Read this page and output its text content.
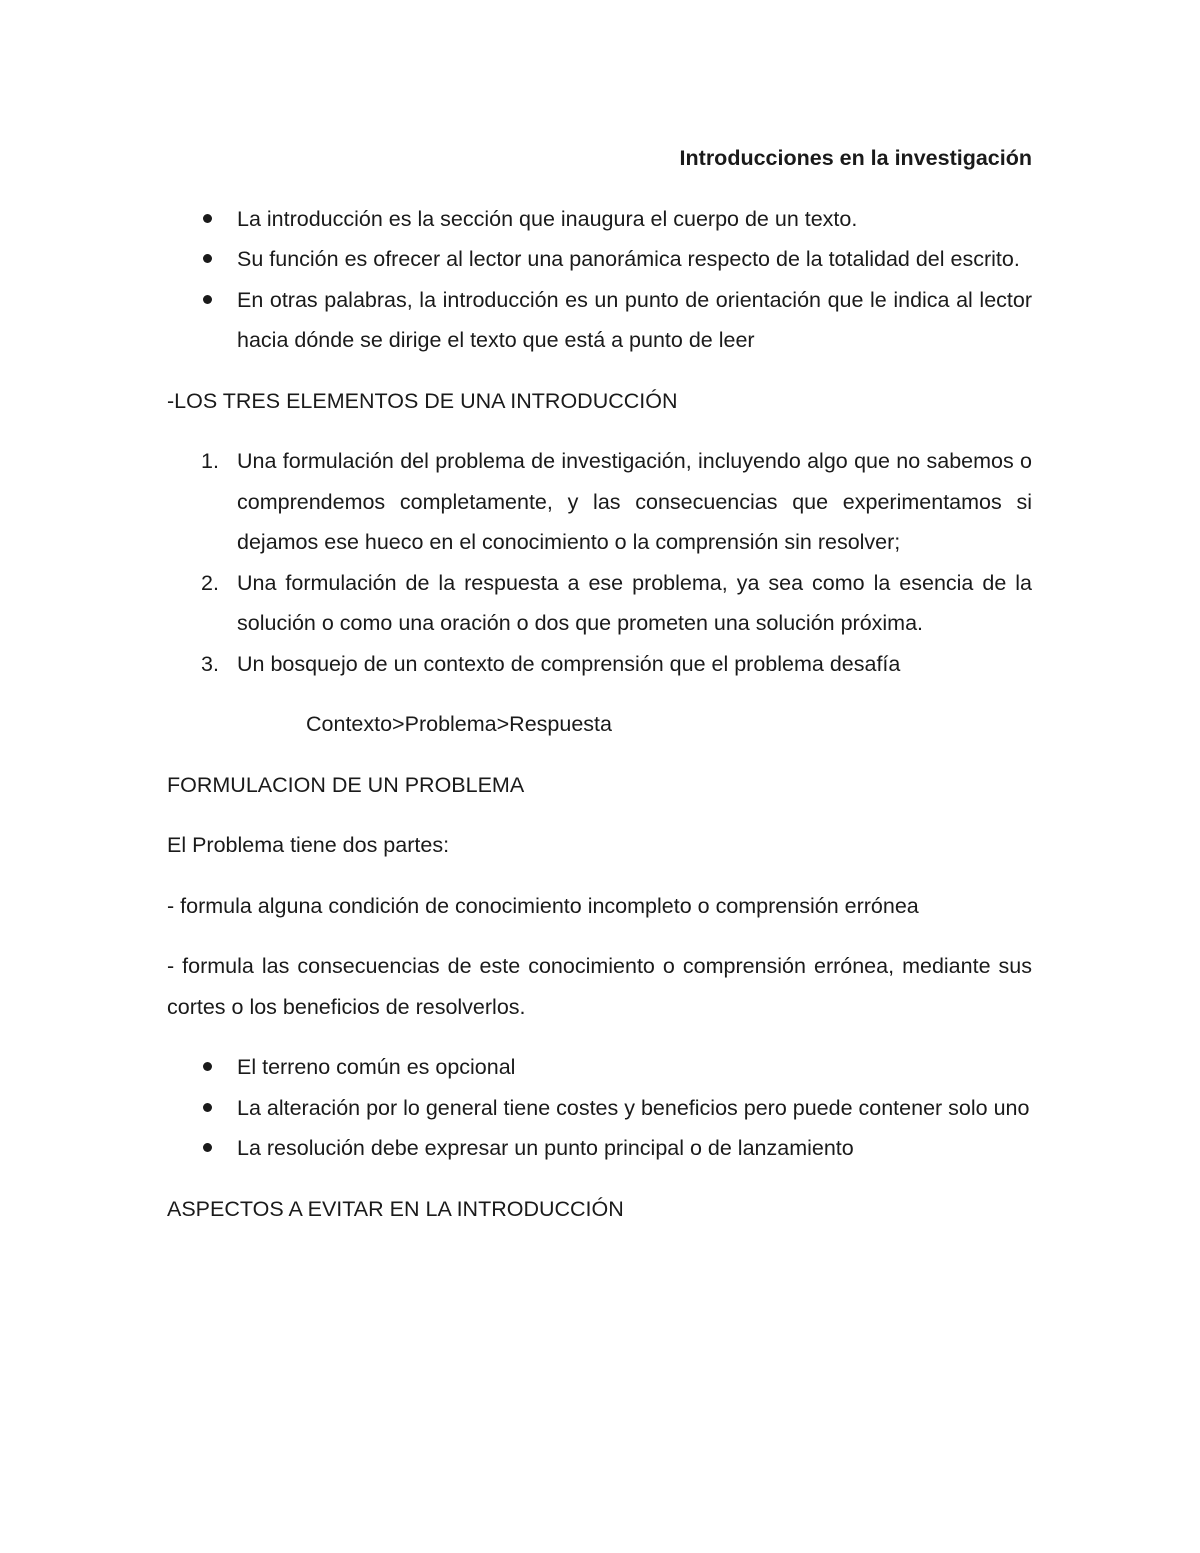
Introducciones en la investigación

La introducción es la sección que inaugura el cuerpo de un texto.
Su función es ofrecer al lector una panorámica respecto de la totalidad del escrito.
En otras palabras, la introducción es un punto de orientación que le indica al lector hacia dónde se dirige el texto que está a punto de leer

-LOS TRES ELEMENTOS DE UNA INTRODUCCIÓN

1. Una formulación del problema de investigación, incluyendo algo que no sabemos o comprendemos completamente, y las consecuencias que experimentamos si dejamos ese hueco en el conocimiento o la comprensión sin resolver;
2. Una formulación de la respuesta a ese problema, ya sea como la esencia de la solución o como una oración o dos que prometen una solución próxima.
3. Un bosquejo de un contexto de comprensión que el problema desafía

Contexto>Problema>Respuesta

FORMULACION DE UN PROBLEMA

El Problema tiene dos partes:

- formula alguna condición de conocimiento incompleto o comprensión errónea

- formula las consecuencias de este conocimiento o comprensión errónea, mediante sus cortes o los beneficios de resolverlos.

El terreno común es opcional
La alteración por lo general tiene costes y beneficios pero puede contener solo uno
La resolución debe expresar un punto principal o de lanzamiento

ASPECTOS A EVITAR EN LA INTRODUCCIÓN
